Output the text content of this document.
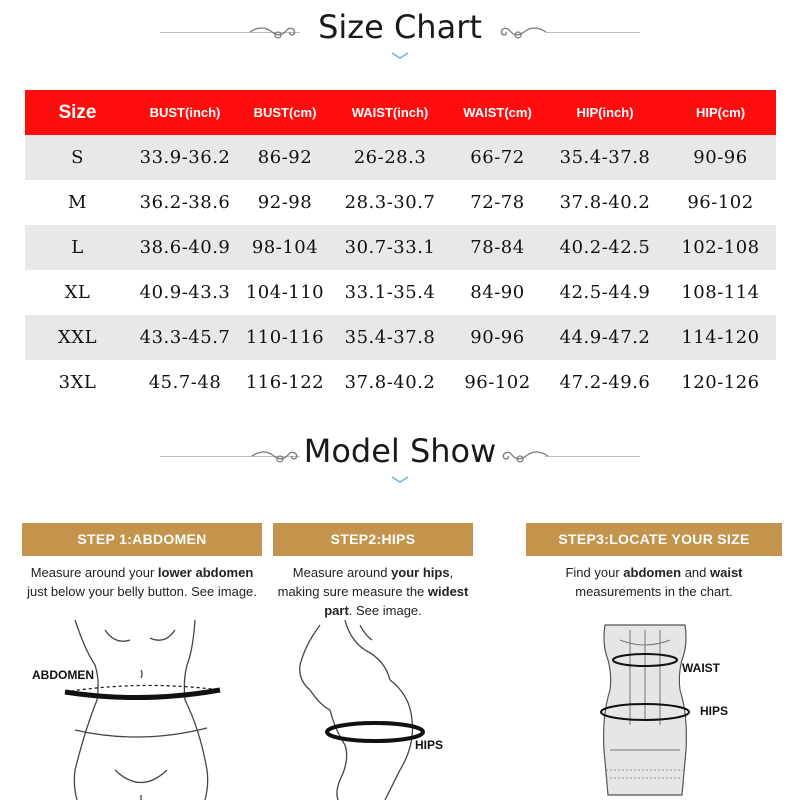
Size Chart
Size	BUST(inch)	BUST(cm)	WAIST(inch)	WAIST(cm)	HIP(inch)	HIP(cm)
S	33.9-36.2	86-92	26-28.3	66-72	35.4-37.8	90-96
M	36.2-38.6	92-98	28.3-30.7	72-78	37.8-40.2	96-102
L	38.6-40.9	98-104	30.7-33.1	78-84	40.2-42.5	102-108
XL	40.9-43.3	104-110	33.1-35.4	84-90	42.5-44.9	108-114
XXL	43.3-45.7	110-116	35.4-37.8	90-96	44.9-47.2	114-120
3XL	45.7-48	116-122	37.8-40.2	96-102	47.2-49.6	120-126
Model Show
STEP 1:ABDOMEN
Measure around your lower abdomen just below your belly button. See image.
ABDOMEN
STEP2:HIPS
Measure around your hips, making sure measure the widest part. See image.
HIPS
STEP3:LOCATE YOUR SIZE
Find your abdomen and waist measurements in the chart.
WAIST
HIPS
